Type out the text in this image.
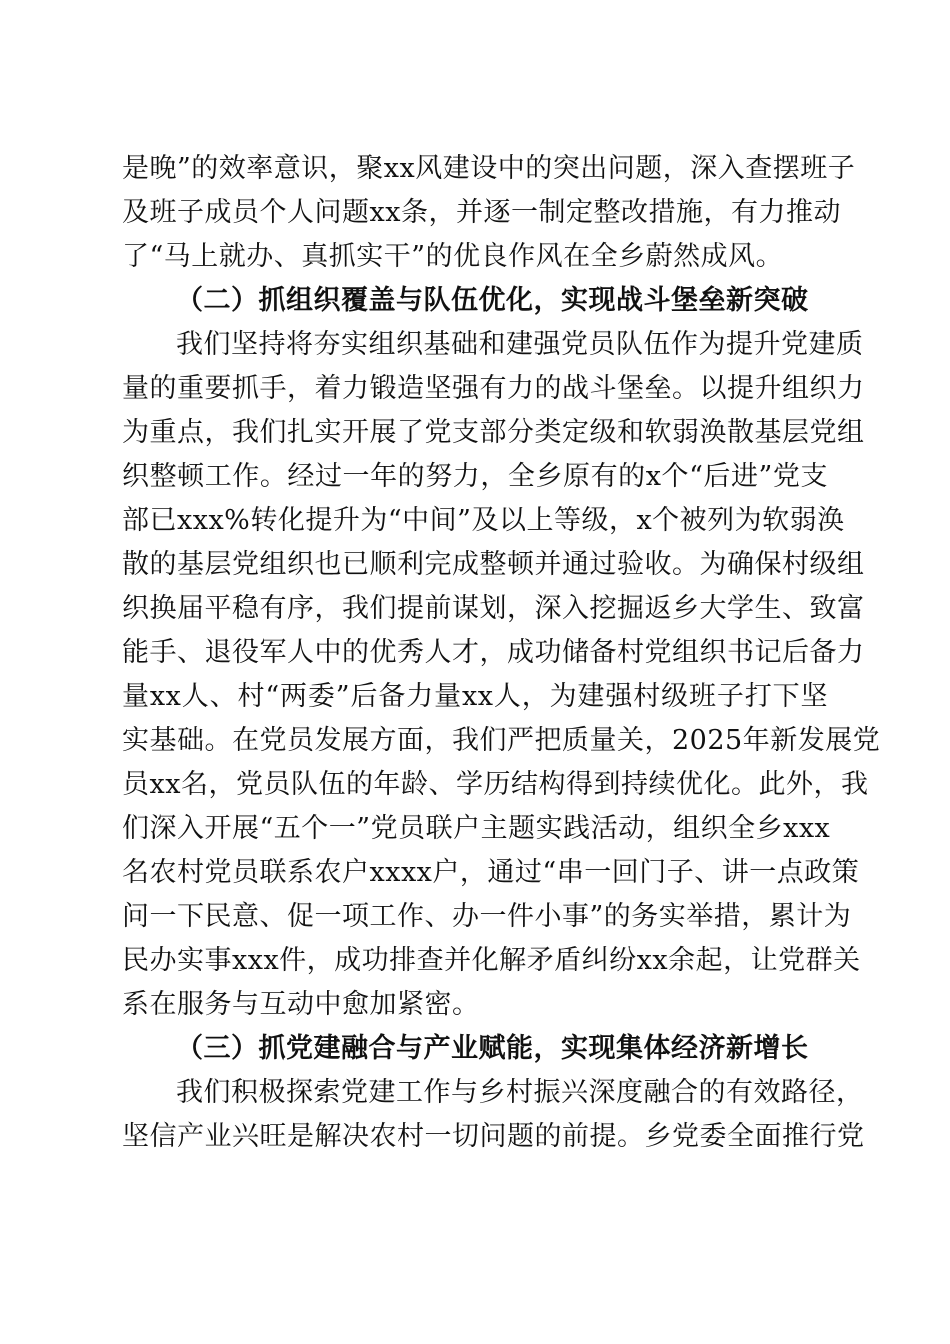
是晚”的效率意识，聚xx风建设中的突出问题，深入查摆班子
及班子成员个人问题xx条，并逐一制定整改措施，有力推动
了“马上就办、真抓实干”的优良作风在全乡蔚然成风。
（二）抓组织覆盖与队伍优化，实现战斗堡垒新突破
我们坚持将夯实组织基础和建强党员队伍作为提升党建质
量的重要抓手，着力锻造坚强有力的战斗堡垒。以提升组织力
为重点，我们扎实开展了党支部分类定级和软弱涣散基层党组
织整顿工作。经过一年的努力，全乡原有的x个“后进”党支
部已xxx%转化提升为“中间”及以上等级，x个被列为软弱涣
散的基层党组织也已顺利完成整顿并通过验收。为确保村级组
织换届平稳有序，我们提前谋划，深入挖掘返乡大学生、致富
能手、退役军人中的优秀人才，成功储备村党组织书记后备力
量xx人、村“两委”后备力量xx人，为建强村级班子打下坚
实基础。在党员发展方面，我们严把质量关，2025年新发展党
员xx名，党员队伍的年龄、学历结构得到持续优化。此外，我
们深入开展“五个一”党员联户主题实践活动，组织全乡xxx
名农村党员联系农户xxxx户，通过“串一回门子、讲一点政策
问一下民意、促一项工作、办一件小事”的务实举措，累计为
民办实事xxx件，成功排查并化解矛盾纠纷xx余起，让党群关
系在服务与互动中愈加紧密。
（三）抓党建融合与产业赋能，实现集体经济新增长
我们积极探索党建工作与乡村振兴深度融合的有效路径，
坚信产业兴旺是解决农村一切问题的前提。乡党委全面推行党
